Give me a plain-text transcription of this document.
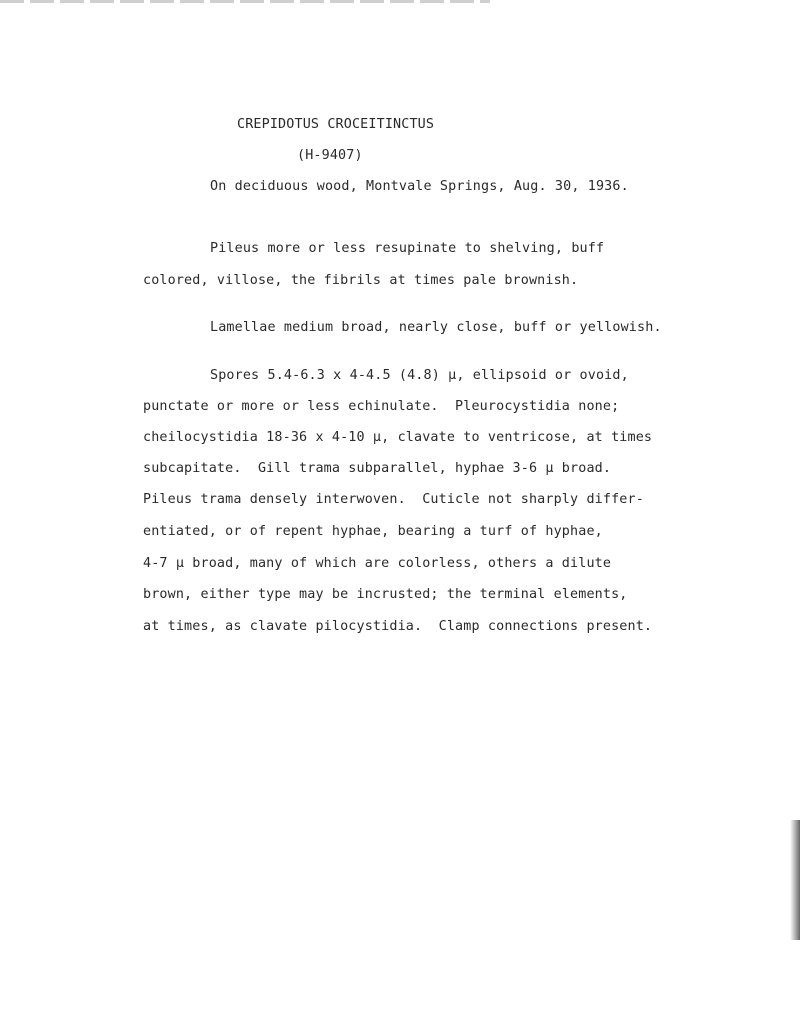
CREPIDOTUS CROCEITINCTUS
(H-9407)
On deciduous wood, Montvale Springs, Aug. 30, 1936.
Pileus more or less resupinate to shelving, buff
colored, villose, the fibrils at times pale brownish.
Lamellae medium broad, nearly close, buff or yellowish.
Spores 5.4-6.3 x 4-4.5 (4.8) μ, ellipsoid or ovoid,
punctate or more or less echinulate.  Pleurocystidia none;
cheilocystidia 18-36 x 4-10 μ, clavate to ventricose, at times
subcapitate.  Gill trama subparallel, hyphae 3-6 μ broad.
Pileus trama densely interwoven.  Cuticle not sharply differ-
entiated, or of repent hyphae, bearing a turf of hyphae,
4-7 μ broad, many of which are colorless, others a dilute
brown, either type may be incrusted; the terminal elements,
at times, as clavate pilocystidia.  Clamp connections present.
